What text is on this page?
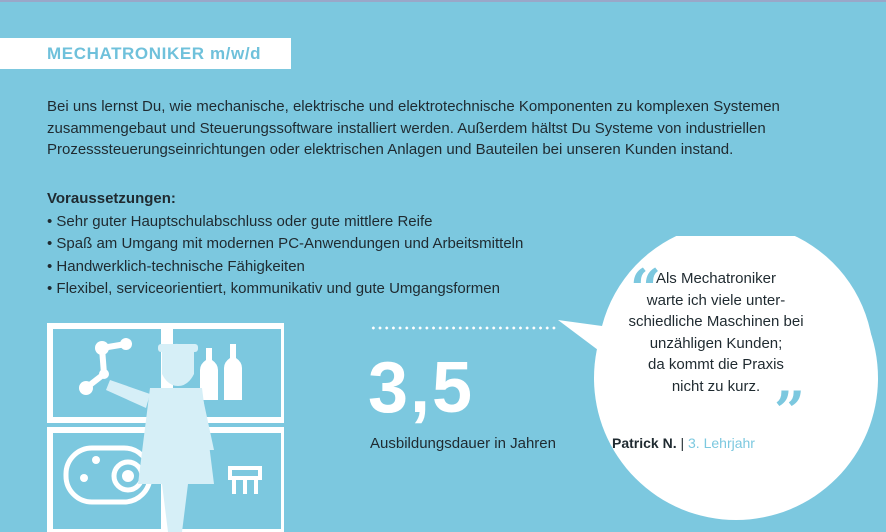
MECHATRONIKER m/w/d

Bei uns lernst Du, wie mechanische, elektrische und elektrotechnische Komponenten zu komplexen Systemen zusammengebaut und Steuerungssoftware installiert werden. Außerdem hältst Du Systeme von industriellen Prozesssteuerungseinrichtungen oder elektrischen Anlagen und Bauteilen bei unseren Kunden instand.

Voraussetzungen:
• Sehr guter Hauptschulabschluss oder gute mittlere Reife
• Spaß am Umgang mit modernen PC-Anwendungen und Arbeitsmitteln
• Handwerklich-technische Fähigkeiten
• Flexibel, serviceorientiert, kommunikativ und gute Umgangsformen
3,5
Ausbildungsdauer in Jahren
“
Als Mechatroniker
warte ich viele unter-
schiedliche Maschinen bei
unzähligen Kunden;
da kommt die Praxis
nicht zu kurz. ”
Patrick N. | 3. Lehrjahr
